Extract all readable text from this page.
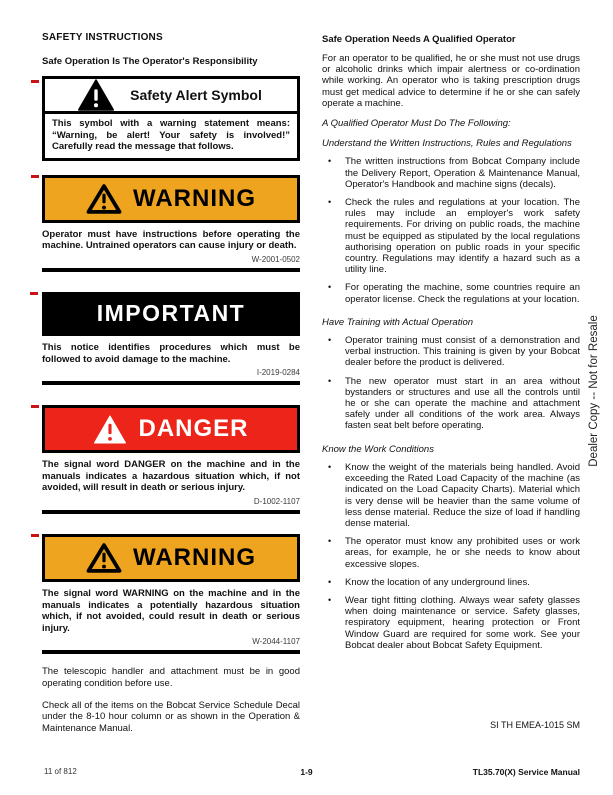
SAFETY INSTRUCTIONS
Safe Operation Is The Operator's Responsibility
Safety Alert Symbol
This symbol with a warning statement means: “Warning, be alert! Your safety is involved!” Carefully read the message that follows.
WARNING
Operator must have instructions before operating the machine. Untrained operators can cause injury or death.
W-2001-0502
IMPORTANT
This notice identifies procedures which must be followed to avoid damage to the machine.
I-2019-0284
DANGER
The signal word DANGER on the machine and in the manuals indicates a hazardous situation which, if not avoided, will result in death or serious injury.
D-1002-1107
WARNING
The signal word WARNING on the machine and in the manuals indicates a potentially hazardous situation which, if not avoided, could result in death or serious injury.
W-2044-1107

The telescopic handler and attachment must be in good operating condition before use.

Check all of the items on the Bobcat Service Schedule Decal under the 8-10 hour column or as shown in the Operation & Maintenance Manual.

Safe Operation Needs A Qualified Operator

For an operator to be qualified, he or she must not use drugs or alcoholic drinks which impair alertness or co-ordination while working. An operator who is taking prescription drugs must get medical advice to determine if he or she can safely operate a machine.

A Qualified Operator Must Do The Following:

Understand the Written Instructions, Rules and Regulations

• The written instructions from Bobcat Company include the Delivery Report, Operation & Maintenance Manual, Operator's Handbook and machine signs (decals).
• Check the rules and regulations at your location. The rules may include an employer's work safety requirements. For driving on public roads, the machine must be equipped as stipulated by the local regulations authorising operation on public roads in your specific country. Regulations may identify a hazard such as a utility line.
• For operating the machine, some countries require an operator license. Check the regulations at your location.

Have Training with Actual Operation

• Operator training must consist of a demonstration and verbal instruction. This training is given by your Bobcat dealer before the product is delivered.
• The new operator must start in an area without bystanders or structures and use all the controls until he or she can operate the machine and attachment safely under all conditions of the work area. Always fasten seat belt before operating.

Know the Work Conditions

• Know the weight of the materials being handled. Avoid exceeding the Rated Load Capacity of the machine (as indicated on the Load Capacity Charts). Material which is very dense will be heavier than the same volume of less dense material. Reduce the size of load if handling dense material.
• The operator must know any prohibited uses or work areas, for example, he or she needs to know about excessive slopes.
• Know the location of any underground lines.
• Wear tight fitting clothing. Always wear safety glasses when doing maintenance or service. Safety glasses, respiratory equipment, hearing protection or Front Window Guard are required for some work. See your Bobcat dealer about Bobcat Safety Equipment.
SI TH EMEA-1015 SM
Dealer Copy -- Not for Resale
11 of 812	1-9	TL35.70(X) Service Manual
